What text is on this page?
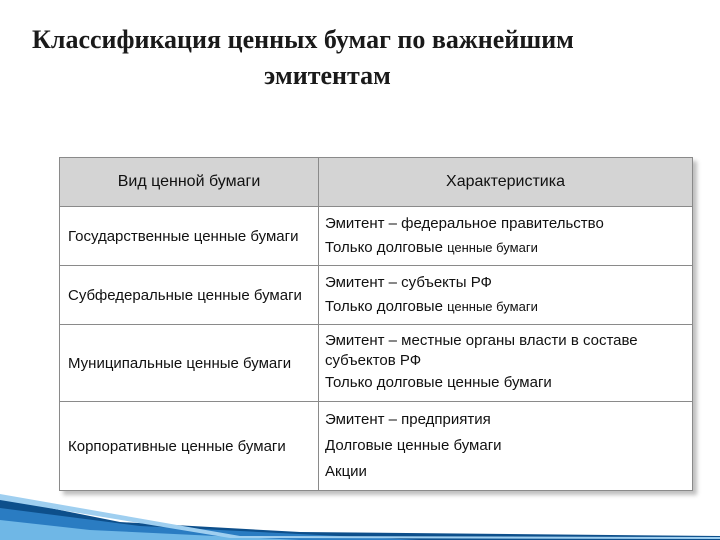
Классификация ценных бумаг по важнейшим
эмитентам
Вид ценной бумаги	Характеристика
Государственные ценные бумаги	Эмитент – федеральное правительство
Только долговые ценные бумаги

Субфедеральные ценные бумаги	Эмитент – субъекты РФ
Только долговые ценные бумаги

Муниципальные ценные бумаги	Эмитент – местные органы власти в составе субъектов РФ
Только долговые ценные бумаги

Корпоративные ценные бумаги	Эмитент – предприятия
Долговые ценные бумаги
Акции
